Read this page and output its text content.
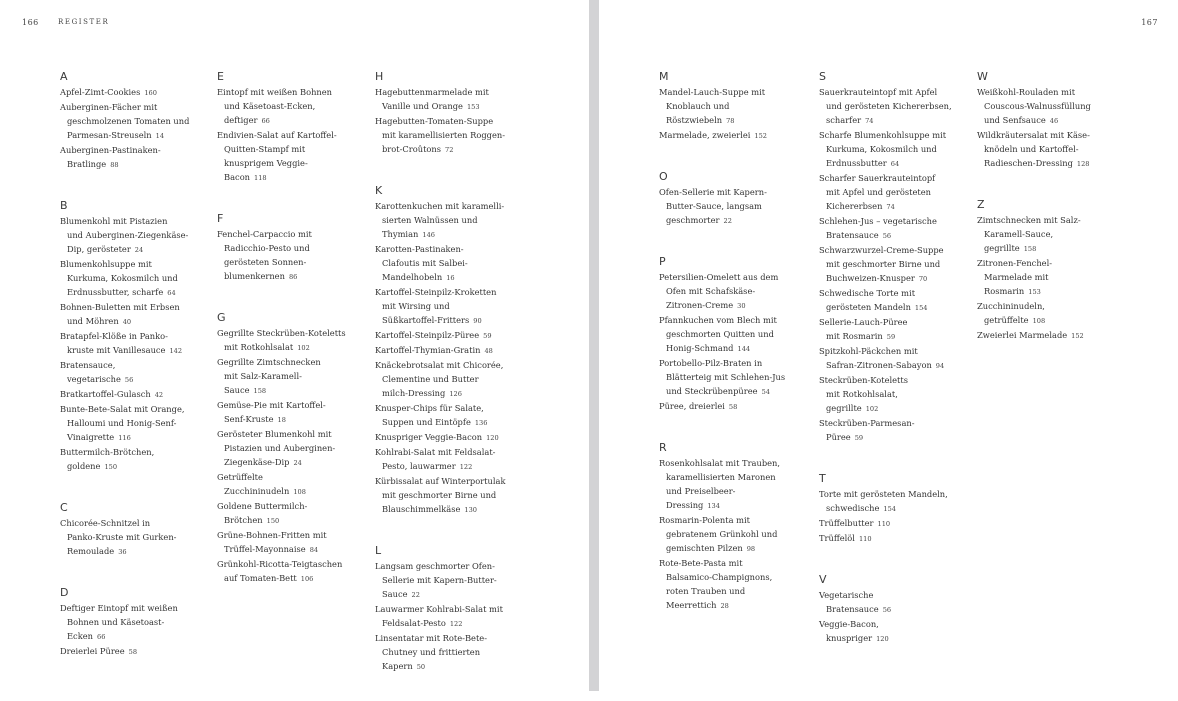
166	REGISTER	167
A
Apfel-Zimt-Cookies 160
Auberginen-Fächer mit
geschmolzenen Tomaten und
Parmesan-Streuseln 14
Auberginen-Pastinaken-
Bratlinge 88
B
Blumenkohl mit Pistazien
und Auberginen-Ziegenkäse-
Dip, gerösteter 24
Blumenkohlsuppe mit
Kurkuma, Kokosmilch und
Erdnussbutter, scharfe 64
Bohnen-Buletten mit Erbsen
und Möhren 40
Bratapfel-Klöße in Panko-
kruste mit Vanillesauce 142
Bratensauce,
vegetarische 56
Bratkartoffel-Gulasch 42
Bunte-Bete-Salat mit Orange,
Halloumi und Honig-Senf-
Vinaigrette 116
Buttermilch-Brötchen,
goldene 150
C
Chicorée-Schnitzel in
Panko-Kruste mit Gurken-
Remoulade 36
D
Deftiger Eintopf mit weißen
Bohnen und Käsetoast-
Ecken 66
Dreierlei Püree 58
E
Eintopf mit weißen Bohnen
und Käsetoast-Ecken,
deftiger 66
Endivien-Salat auf Kartoffel-
Quitten-Stampf mit
knusprigem Veggie-
Bacon 118
F
Fenchel-Carpaccio mit
Radicchio-Pesto und
gerösteten Sonnen-
blumenkernen 86
G
Gegrillte Steckrüben-Koteletts
mit Rotkohlsalat 102
Gegrillte Zimtschnecken
mit Salz-Karamell-
Sauce 158
Gemüse-Pie mit Kartoffel-
Senf-Kruste 18
Gerösteter Blumenkohl mit
Pistazien und Auberginen-
Ziegenkäse-Dip 24
Getrüffelte
Zucchininudeln 108
Goldene Buttermilch-
Brötchen 150
Grüne-Bohnen-Fritten mit
Trüffel-Mayonnaise 84
Grünkohl-Ricotta-Teigtaschen
auf Tomaten-Bett 106
H
Hagebuttenmarmelade mit
Vanille und Orange 153
Hagebutten-Tomaten-Suppe
mit karamellisierten Roggen-
brot-Croûtons 72
K
Karottenkuchen mit karamelli-
sierten Walnüssen und
Thymian 146
Karotten-Pastinaken-
Clafoutis mit Salbei-
Mandelhobeln 16
Kartoffel-Steinpilz-Kroketten
mit Wirsing und
Süßkartoffel-Fritters 90
Kartoffel-Steinpilz-Püree 59
Kartoffel-Thymian-Gratin 48
Knäckebrotsalat mit Chicorée,
Clementine und Butter
milch-Dressing 126
Knusper-Chips für Salate,
Suppen und Eintöpfe 136
Knuspriger Veggie-Bacon 120
Kohlrabi-Salat mit Feldsalat-
Pesto, lauwarmer 122
Kürbissalat auf Winterportulak
mit geschmorter Birne und
Blauschimmelkäse 130
L
Langsam geschmorter Ofen-
Sellerie mit Kapern-Butter-
Sauce 22
Lauwarmer Kohlrabi-Salat mit
Feldsalat-Pesto 122
Linsentatar mit Rote-Bete-
Chutney und frittierten
Kapern 50
M
Mandel-Lauch-Suppe mit
Knoblauch und
Röstzwiebeln 78
Marmelade, zweierlei 152
O
Ofen-Sellerie mit Kapern-
Butter-Sauce, langsam
geschmorter 22
P
Petersilien-Omelett aus dem
Ofen mit Schafskäse-
Zitronen-Creme 30
Pfannkuchen vom Blech mit
geschmorten Quitten und
Honig-Schmand 144
Portobello-Pilz-Braten in
Blätterteig mit Schlehen-Jus
und Steckrübenpüree 54
Püree, dreierlei 58
R
Rosenkohlsalat mit Trauben,
karamellisierten Maronen
und Preiselbeer-
Dressing 134
Rosmarin-Polenta mit
gebratenem Grünkohl und
gemischten Pilzen 98
Rote-Bete-Pasta mit
Balsamico-Champignons,
roten Trauben und
Meerrettich 28
S
Sauerkrauteintopf mit Apfel
und gerösteten Kichererbsen,
scharfer 74
Scharfe Blumenkohlsuppe mit
Kurkuma, Kokosmilch und
Erdnussbutter 64
Scharfer Sauerkrauteintopf
mit Apfel und gerösteten
Kichererbsen 74
Schlehen-Jus – vegetarische
Bratensauce 56
Schwarzwurzel-Creme-Suppe
mit geschmorter Birne und
Buchweizen-Knusper 70
Schwedische Torte mit
gerösteten Mandeln 154
Sellerie-Lauch-Püree
mit Rosmarin 59
Spitzkohl-Päckchen mit
Safran-Zitronen-Sabayon 94
Steckrüben-Koteletts
mit Rotkohlsalat,
gegrillte 102
Steckrüben-Parmesan-
Püree 59
T
Torte mit gerösteten Mandeln,
schwedische 154
Trüffelbutter 110
Trüffelöl 110
V
Vegetarische
Bratensauce 56
Veggie-Bacon,
knuspriger 120
W
Weißkohl-Rouladen mit
Couscous-Walnussfüllung
und Senfsauce 46
Wildkräutersalat mit Käse-
knödeln und Kartoffel-
Radieschen-Dressing 128
Z
Zimtschnecken mit Salz-
Karamell-Sauce,
gegrillte 158
Zitronen-Fenchel-
Marmelade mit
Rosmarin 153
Zucchininudeln,
getrüffelte 108
Zweierlei Marmelade 152
